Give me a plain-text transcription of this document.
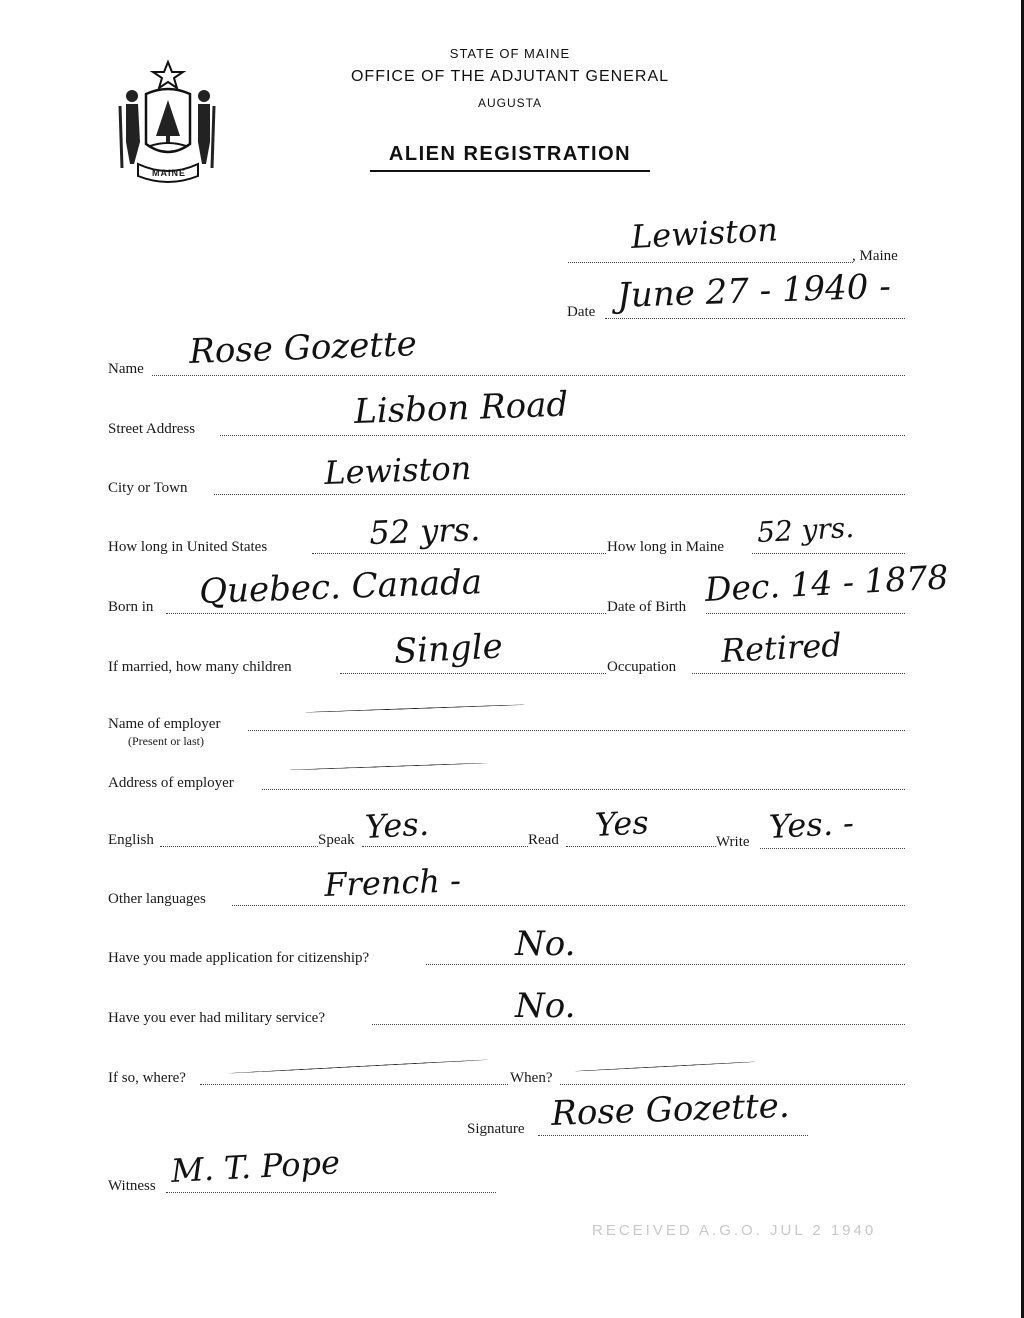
MAINE
STATE OF MAINE
OFFICE OF THE ADJUTANT GENERAL
AUGUSTA
ALIEN REGISTRATION
Lewiston	, Maine
Date June 27 - 1940 -
Name Rose Gozette
Street Address	Lisbon Road
City or Town	Lewiston
How long in United States	52 yrs.	How long in Maine 52 yrs.
Born in Quebec. Canada	Date of Birth Dec. 14 - 1878
If married, how many children	Single	Occupation Retired
Name of employer
(Present or last)
Address of employer
English	Speak Yes.	Read Yes	Write Yes. -
Other languages	French -
Have you made application for citizenship?	No.
Have you ever had military service?	No.
If so, where?	When?
Signature Rose Gozette.
Witness M. T. Pope
RECEIVED A.G.O. JUL 2 1940
